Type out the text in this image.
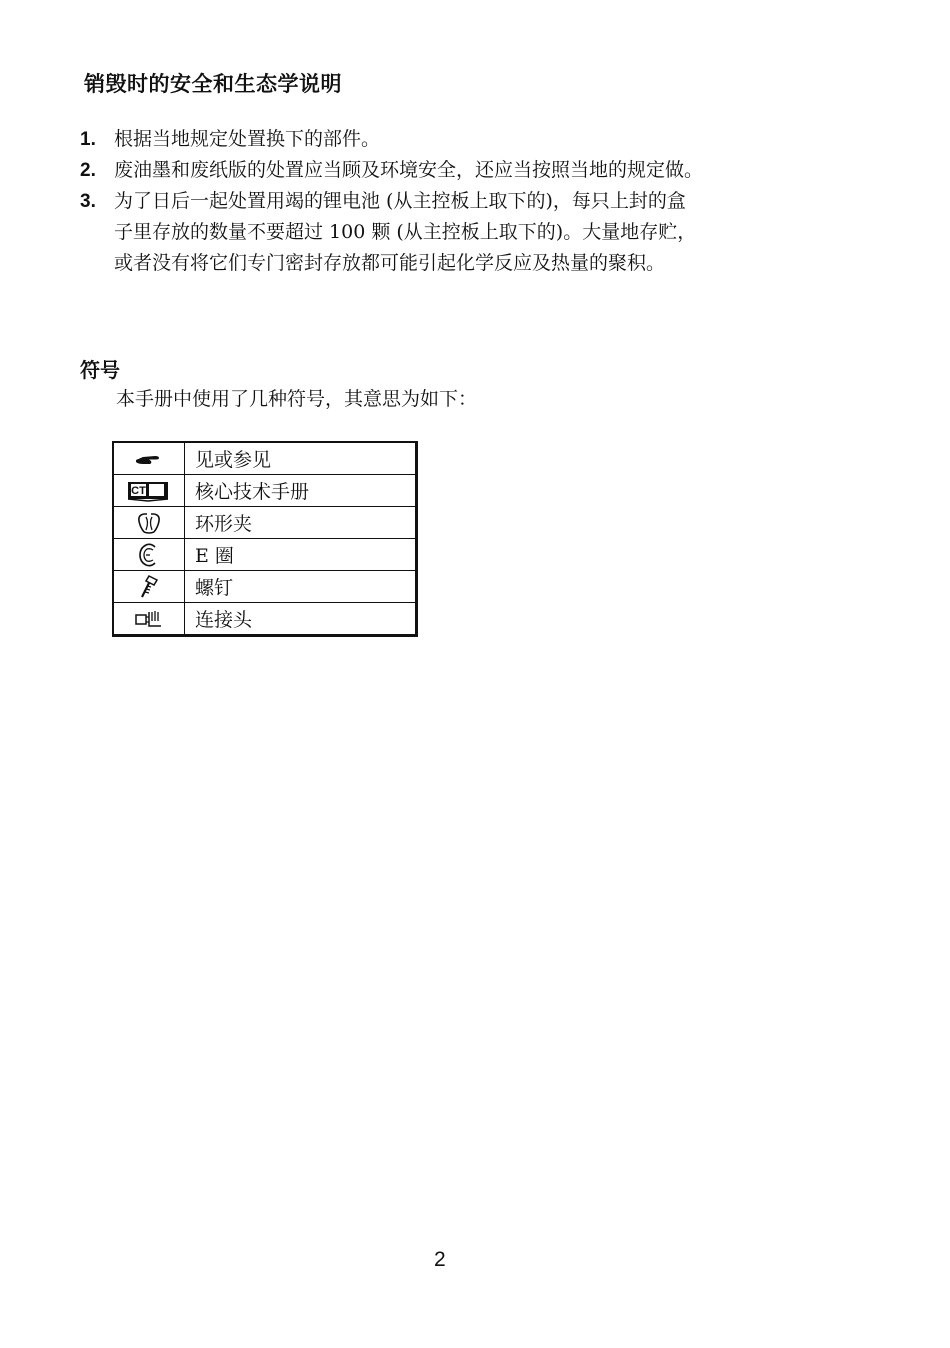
销毁时的安全和生态学说明
1. 根据当地规定处置换下的部件。
2. 废油墨和废纸版的处置应当顾及环境安全，还应当按照当地的规定做。
3. 为了日后一起处置用竭的锂电池 (从主控板上取下的)，每只上封的盒
子里存放的数量不要超过 100 颗 (从主控板上取下的)。大量地存贮，
或者没有将它们专门密封存放都可能引起化学反应及热量的聚积。
符号
本手册中使用了几种符号，其意思为如下：
	见或参见

CT	核心技术手册

	环形夹

	E 圈

	螺钉

	连接头
2
